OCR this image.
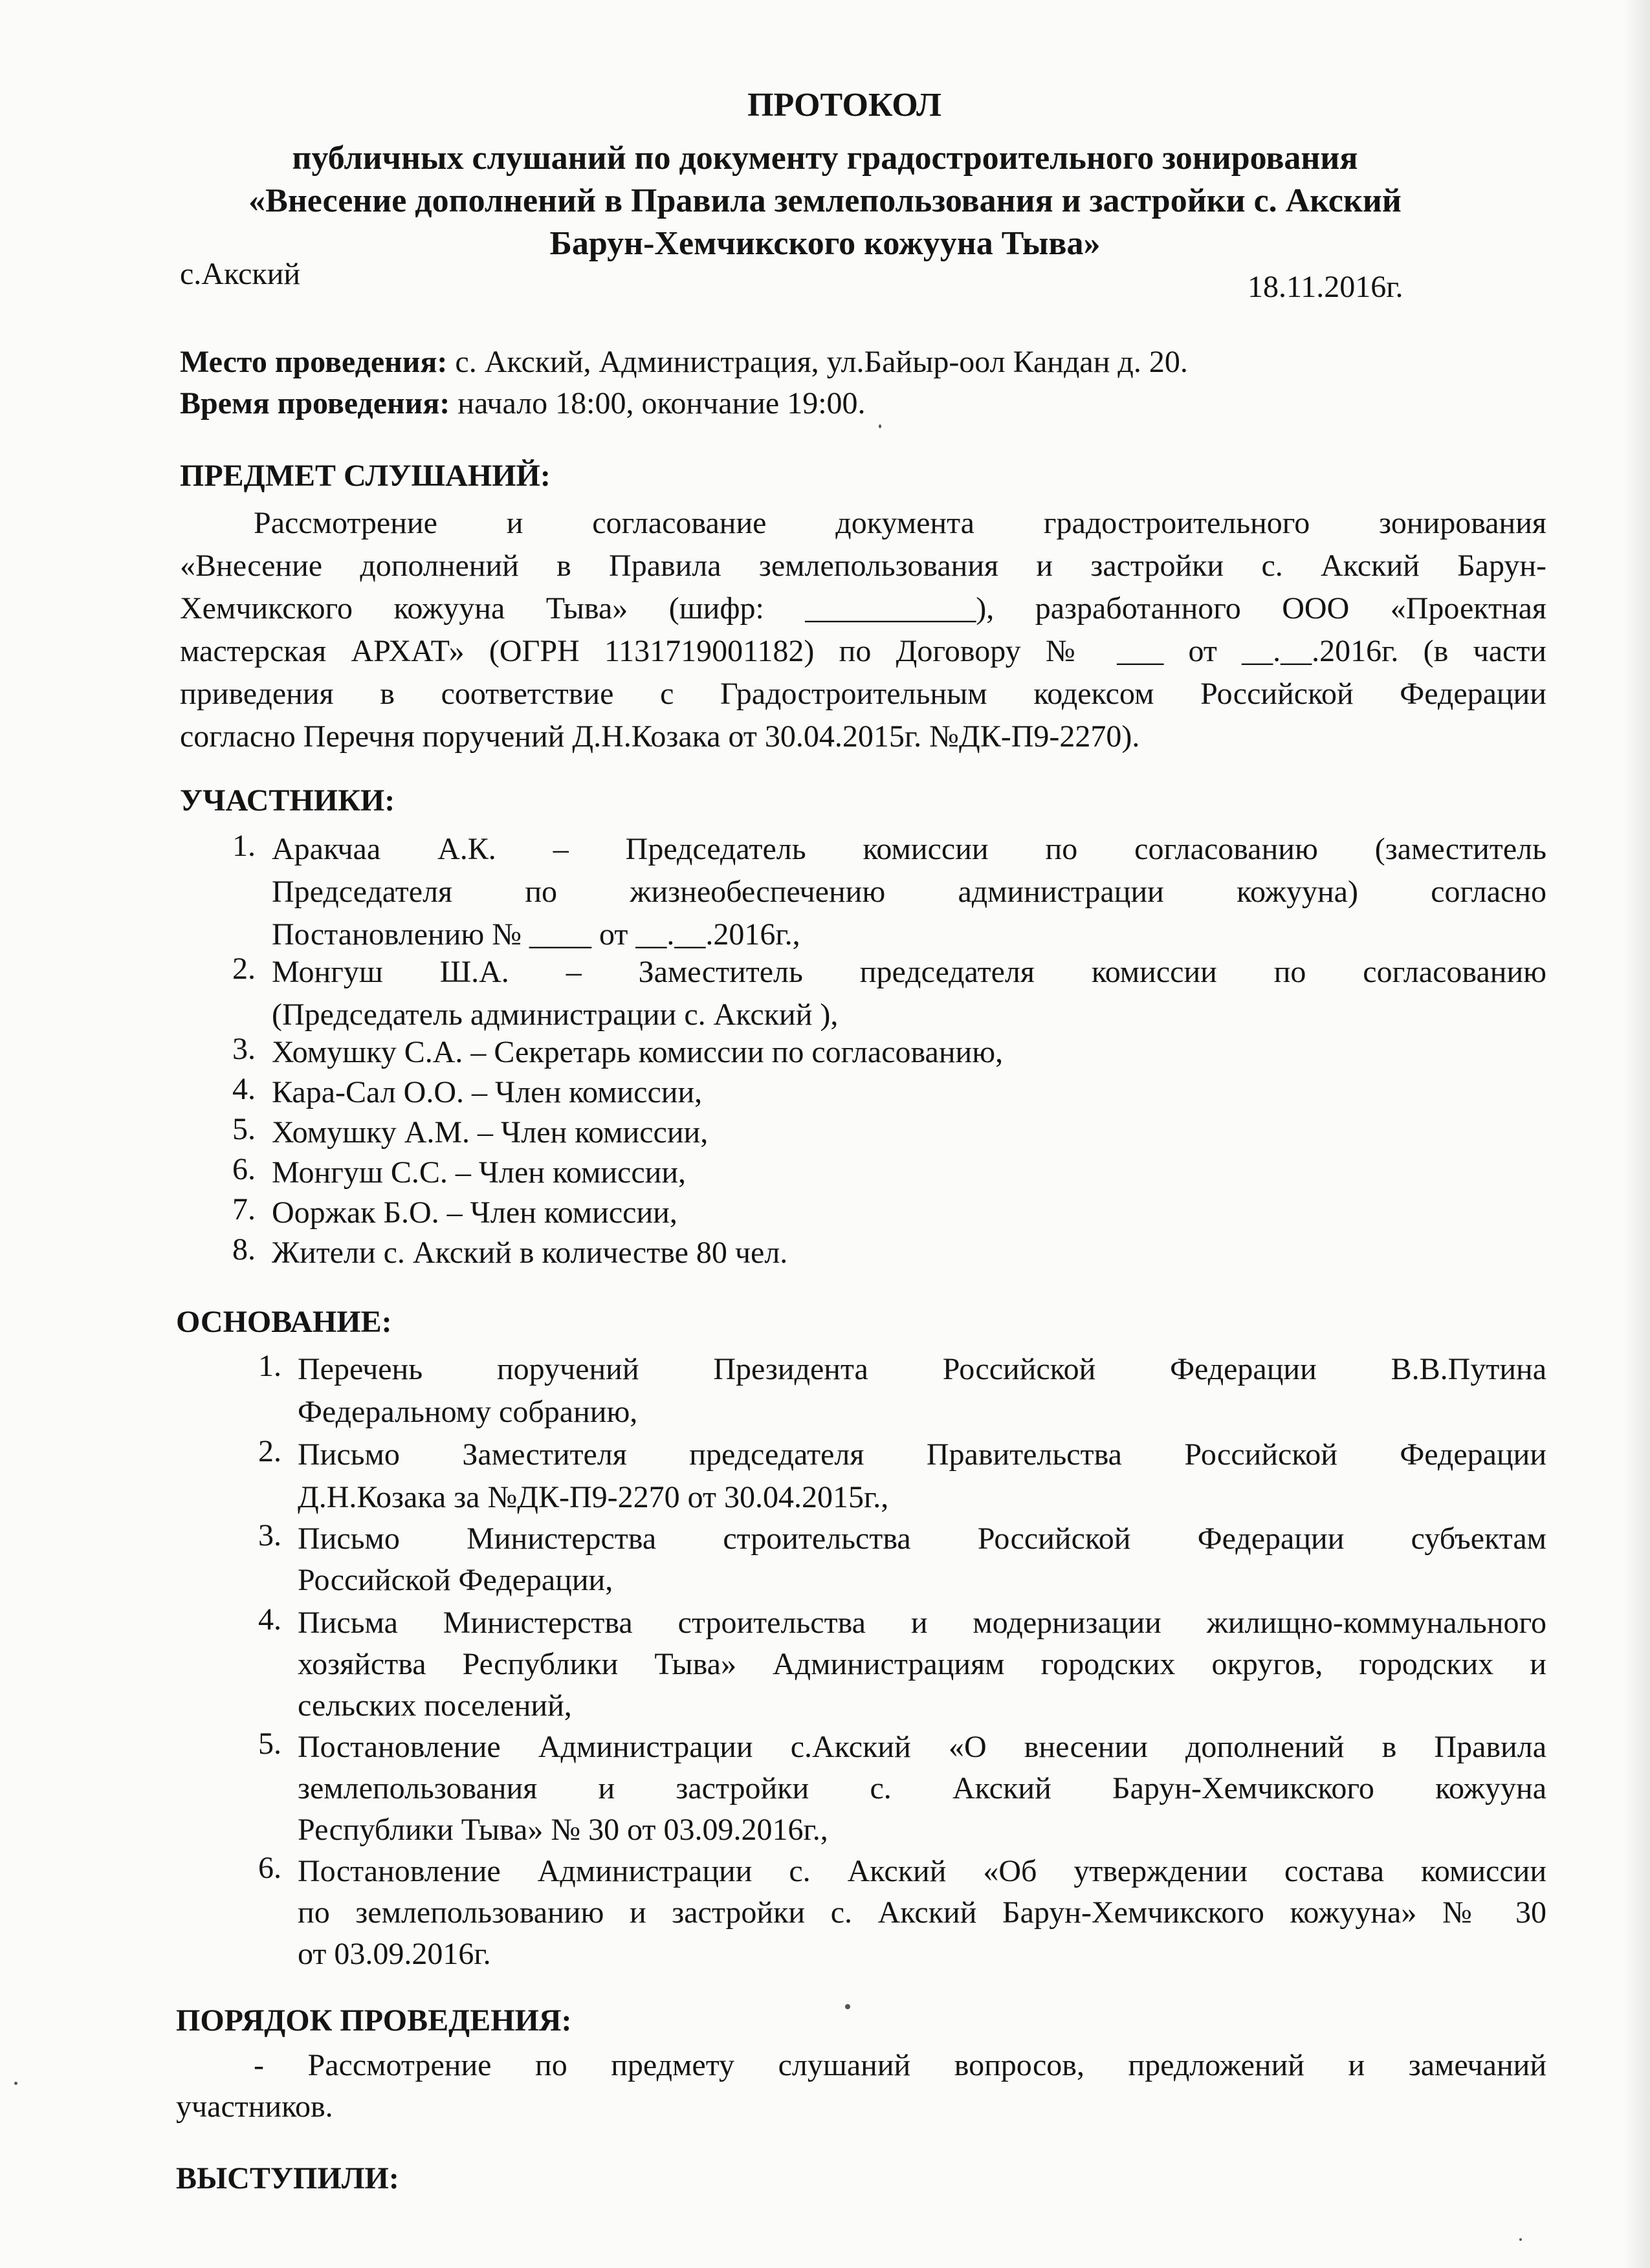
ПРОТОКОЛ
публичных слушаний по документу градостроительного зонирования
«Внесение дополнений в Правила землепользования и застройки с. Акский
Барун-Хемчикского кожууна Тыва»
с.Акский	18.11.2016г.
Место проведения: с. Акский, Администрация, ул.Байыр-оол Кандан д. 20.
Время проведения: начало 18:00, окончание 19:00.
ПРЕДМЕТ СЛУШАНИЙ:
Рассмотрение и согласование документа градостроительного зонирования
«Внесение дополнений в Правила землепользования и застройки с. Акский Барун-
Хемчикского кожууна Тыва» (шифр: ___________), разработанного ООО «Проектная
мастерская АРХАТ» (ОГРН 1131719001182) по Договору № ___ от __.__.2016г. (в части
приведения в соответствие с Градостроительным кодексом Российской Федерации
согласно Перечня поручений Д.Н.Козака от 30.04.2015г. №ДК-П9-2270).
УЧАСТНИКИ:
1. Аракчаа А.К. – Председатель комиссии по согласованию (заместитель
Председателя по жизнеобеспечению администрации кожууна) согласно
Постановлению № ____ от __.__.2016г.,
2. Монгуш Ш.А. – Заместитель председателя комиссии по согласованию
(Председатель администрации с. Акский ),
3. Хомушку С.А. – Секретарь комиссии по согласованию,
4. Кара-Сал О.О. – Член комиссии,
5. Хомушку А.М. – Член комиссии,
6. Монгуш С.С. – Член комиссии,
7. Ооржак Б.О. – Член комиссии,
8. Жители с. Акский в количестве 80 чел.
ОСНОВАНИЕ:
1. Перечень поручений Президента Российской Федерации В.В.Путина
Федеральному собранию,
2. Письмо Заместителя председателя Правительства Российской Федерации
Д.Н.Козака за №ДК-П9-2270 от 30.04.2015г.,
3. Письмо Министерства строительства Российской Федерации субъектам
Российской Федерации,
4. Письма Министерства строительства и модернизации жилищно-коммунального
хозяйства Республики Тыва» Администрациям городских округов, городских и
сельских поселений,
5. Постановление Администрации с.Акский «О внесении дополнений в Правила
землепользования и застройки с. Акский Барун-Хемчикского кожууна
Республики Тыва» № 30 от 03.09.2016г.,
6. Постановление Администрации с. Акский «Об утверждении состава комиссии
по землепользованию и застройки с. Акский Барун-Хемчикского кожууна» № 30
от 03.09.2016г.
ПОРЯДОК ПРОВЕДЕНИЯ:
- Рассмотрение по предмету слушаний вопросов, предложений и замечаний
участников.
ВЫСТУПИЛИ:
